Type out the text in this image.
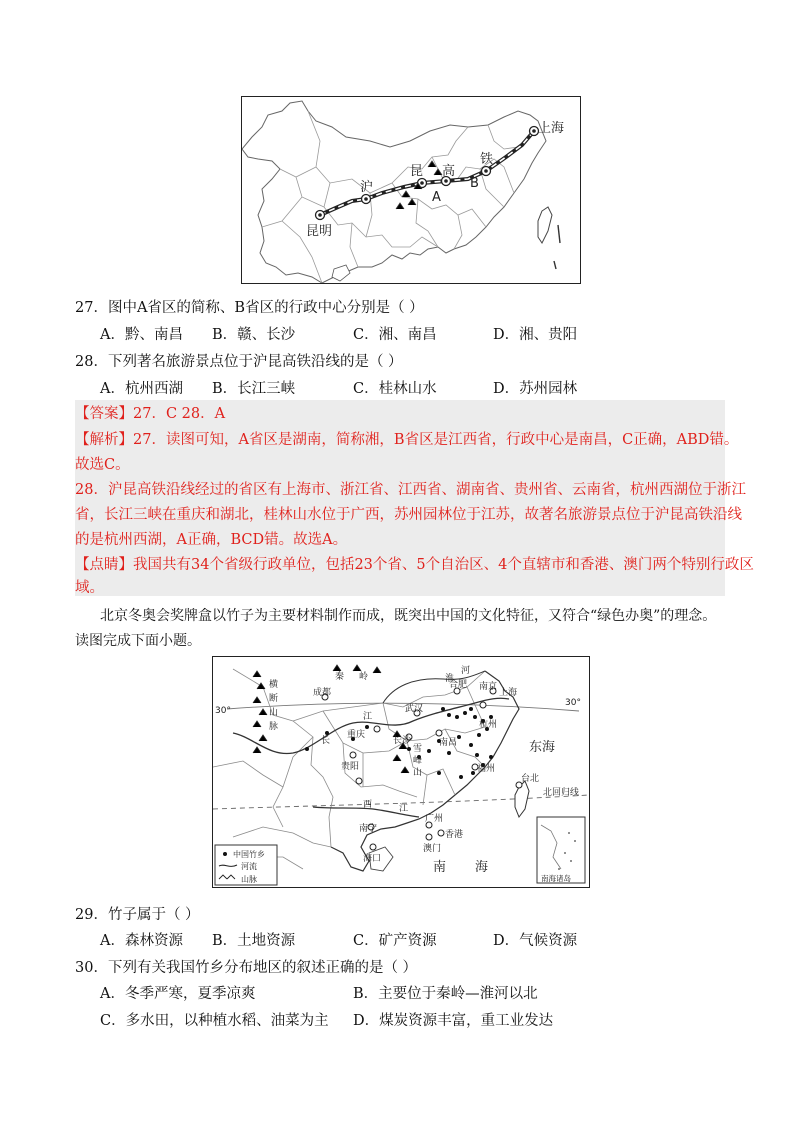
上海
昆明
昆 高
沪
铁
A
B
27．图中A省区的简称、B省区的行政中心分别是（ ）
A．黔、南昌 B．赣、长沙	C．湘、南昌	D．湘、贵阳
28．下列著名旅游景点位于沪昆高铁沿线的是（ ）
A．杭州西湖 B．长江三峡	C．桂林山水	D．苏州园林
【答案】27．C 28．A
【解析】27．读图可知，A省区是湖南，简称湘，B省区是江西省，行政中心是南昌，C正确，ABD错。
故选C。
28．沪昆高铁沿线经过的省区有上海市、浙江省、江西省、湖南省、贵州省、云南省，杭州西湖位于浙江
省，长江三峡在重庆和湖北，桂林山水位于广西，苏州园林位于江苏，故著名旅游景点位于沪昆高铁沿线
的是杭州西湖，A正确，BCD错。故选A。
【点睛】我国共有34个省级行政单位，包括23个省、5个自治区、4个直辖市和香港、澳门两个特别行政区
域。
北京冬奥会奖牌盒以竹子为主要材料制作而成，既突出中国的文化特征，又符合“绿色办奥”的理念。
读图完成下面小题。
秦 岭	淮
河
合肥 南京
上海
成都
武汉
杭州
南昌
长沙
重庆
贵阳	福州
台北
广州
香港
澳门
南宁
海口
东海
南 海
横
断
山
脉
长
江
西	江
雪
峰
山
30°
30°
北回归线
南海诸岛
中国竹乡
河流
山脉
29．竹子属于（ ）
A．森林资源 B．土地资源	C．矿产资源	D．气候资源
30．下列有关我国竹乡分布地区的叙述正确的是（ ）
A．冬季严寒，夏季凉爽	B．主要位于秦岭—淮河以北
C．多水田，以种植水稻、油菜为主 D．煤炭资源丰富，重工业发达
